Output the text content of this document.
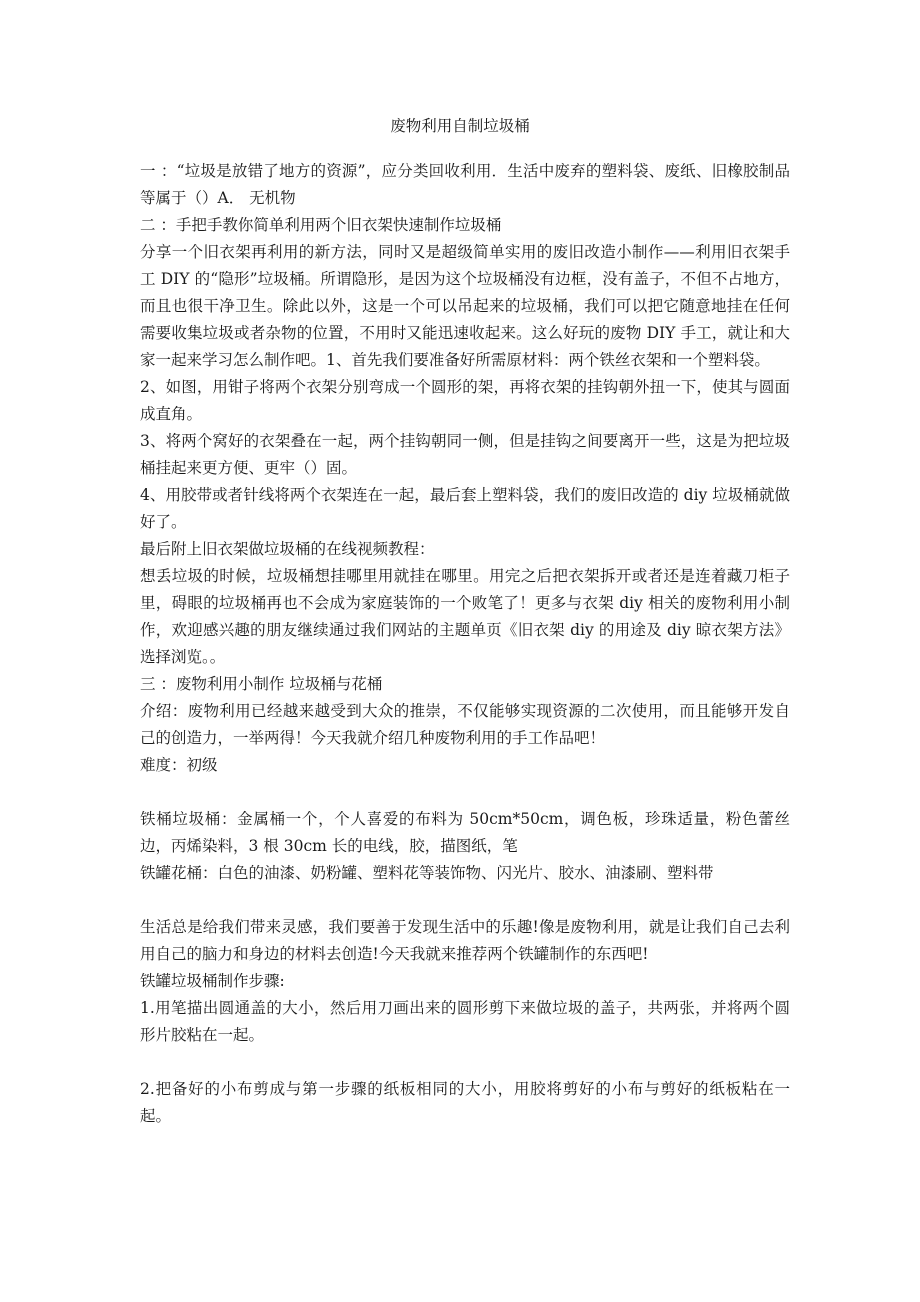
废物利用自制垃圾桶

一 ：“垃圾是放错了地方的资源”，应分类回收利用．生活中废弃的塑料袋、废纸、旧橡胶制品等属于（）A． 无机物

二 ：手把手教你简单利用两个旧衣架快速制作垃圾桶

分享一个旧衣架再利用的新方法，同时又是超级简单实用的废旧改造小制作——利用旧衣架手工 DIY 的“隐形”垃圾桶。所谓隐形，是因为这个垃圾桶没有边框，没有盖子，不但不占地方，而且也很干净卫生。除此以外，这是一个可以吊起来的垃圾桶，我们可以把它随意地挂在任何需要收集垃圾或者杂物的位置，不用时又能迅速收起来。这么好玩的废物 DIY 手工，就让和大家一起来学习怎么制作吧。1、首先我们要准备好所需原材料：两个铁丝衣架和一个塑料袋。

2、如图，用钳子将两个衣架分别弯成一个圆形的架，再将衣架的挂钩朝外扭一下，使其与圆面成直角。

3、将两个窝好的衣架叠在一起，两个挂钩朝同一侧，但是挂钩之间要离开一些，这是为把垃圾桶挂起来更方便、更牢（）固。

4、用胶带或者针线将两个衣架连在一起，最后套上塑料袋，我们的废旧改造的 diy 垃圾桶就做好了。

最后附上旧衣架做垃圾桶的在线视频教程：

想丢垃圾的时候，垃圾桶想挂哪里用就挂在哪里。用完之后把衣架拆开或者还是连着藏刀柜子里，碍眼的垃圾桶再也不会成为家庭装饰的一个败笔了！更多与衣架 diy 相关的废物利用小制作，欢迎感兴趣的朋友继续通过我们网站的主题单页《旧衣架 diy 的用途及 diy 晾衣架方法》选择浏览。。

三 ：废物利用小制作 垃圾桶与花桶

介绍：废物利用已经越来越受到大众的推崇，不仅能够实现资源的二次使用，而且能够开发自己的创造力，一举两得！今天我就介绍几种废物利用的手工作品吧！

难度：初级

铁桶垃圾桶：金属桶一个，个人喜爱的布料为 50cm*50cm，调色板，珍珠适量，粉色蕾丝边，丙烯染料，3 根 30cm 长的电线，胶，描图纸，笔

铁罐花桶：白色的油漆、奶粉罐、塑料花等装饰物、闪光片、胶水、油漆刷、塑料带

生活总是给我们带来灵感，我们要善于发现生活中的乐趣!像是废物利用，就是让我们自己去利用自己的脑力和身边的材料去创造!今天我就来推荐两个铁罐制作的东西吧!

铁罐垃圾桶制作步骤:

1.用笔描出圆通盖的大小，然后用刀画出来的圆形剪下来做垃圾的盖子，共两张，并将两个圆形片胶粘在一起。

2.把备好的小布剪成与第一步骤的纸板相同的大小，用胶将剪好的小布与剪好的纸板粘在一起。
